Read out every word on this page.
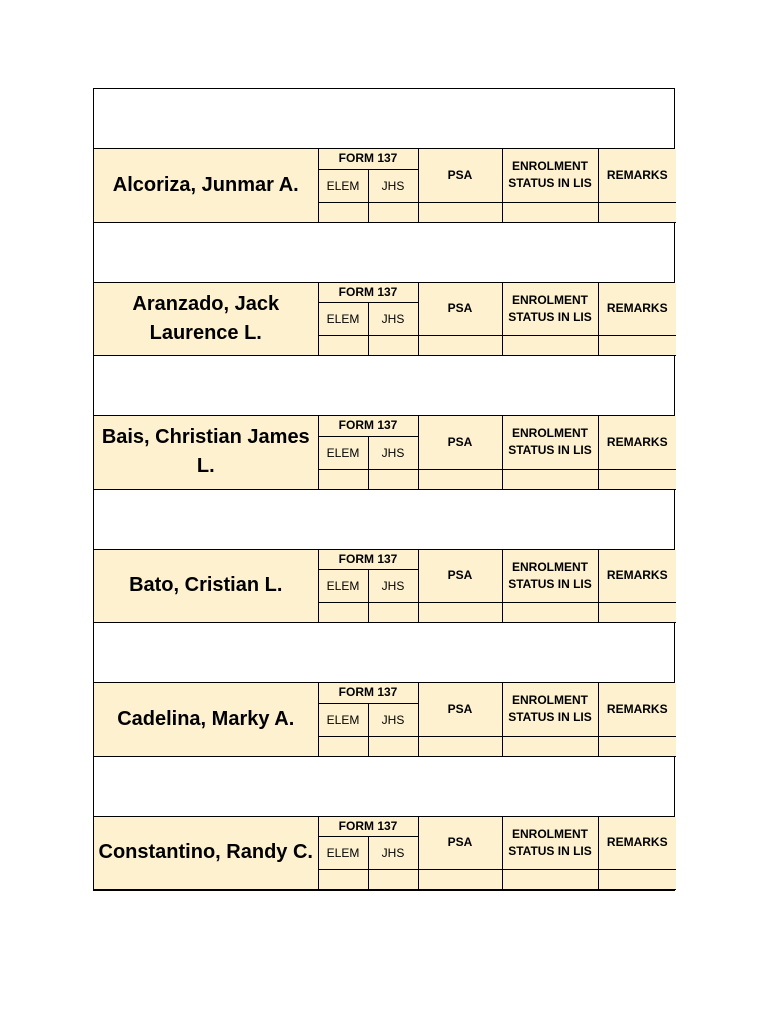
Alcoriza, Junmar A.	FORM 137		PSA	ENROLMENT STATUS IN LIS	REMARKS
	ELEM	JHS			

Aranzado, Jack Laurence L.	FORM 137		PSA	ENROLMENT STATUS IN LIS	REMARKS
	ELEM	JHS			

Bais, Christian James L.	FORM 137		PSA	ENROLMENT STATUS IN LIS	REMARKS
	ELEM	JHS			

Bato, Cristian L.	FORM 137		PSA	ENROLMENT STATUS IN LIS	REMARKS
	ELEM	JHS			

Cadelina, Marky A.	FORM 137		PSA	ENROLMENT STATUS IN LIS	REMARKS
	ELEM	JHS			

Constantino, Randy C.	FORM 137		PSA	ENROLMENT STATUS IN LIS	REMARKS
	ELEM	JHS			
